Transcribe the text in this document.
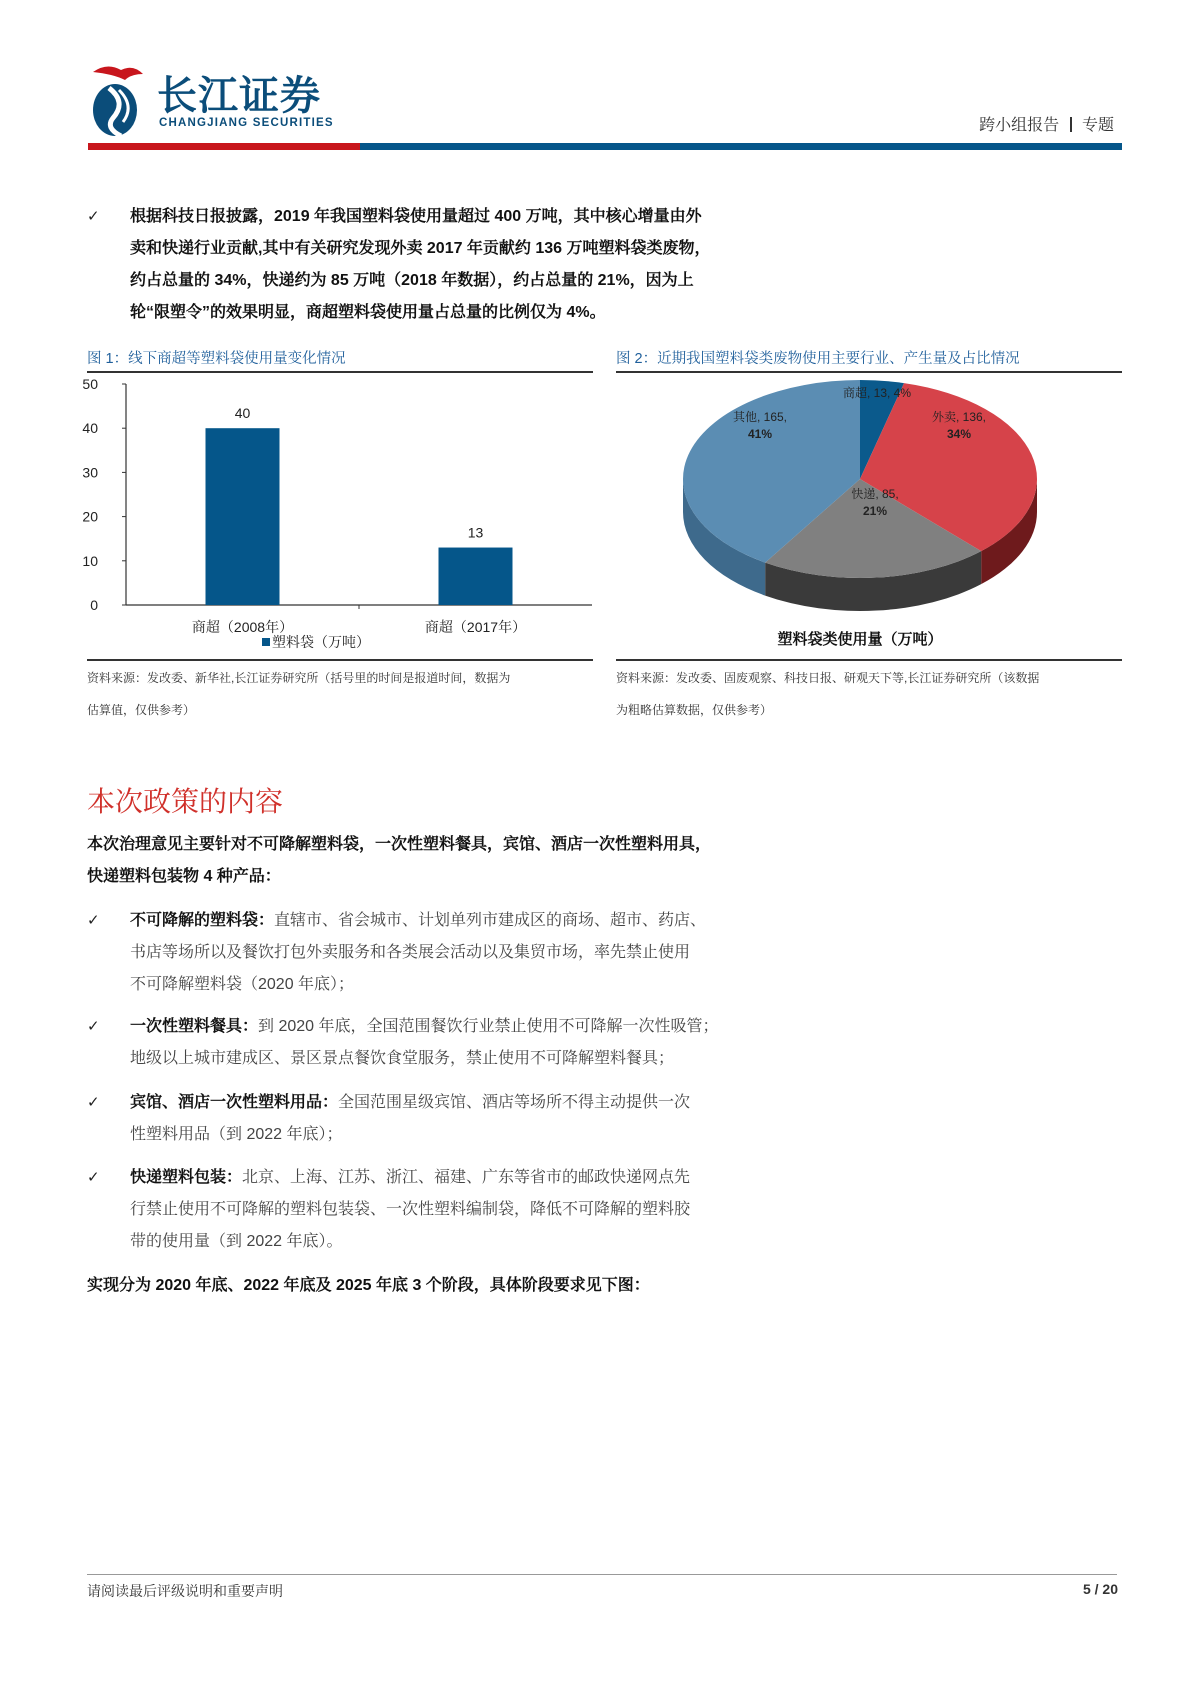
长江证券
CHANGJIANG SECURITIES	跨小组报告 专题
✓ 根据科技日报披露，2019 年我国塑料袋使用量超过 400 万吨，其中核心增量由外
卖和快递行业贡献,其中有关研究发现外卖 2017 年贡献约 136 万吨塑料袋类废物，
约占总量的 34%，快递约为 85 万吨（2018 年数据），约占总量的 21%，因为上
轮“限塑令”的效果明显，商超塑料袋使用量占总量的比例仅为 4%。
图 1：线下商超等塑料袋使用量变化情况
0
10
20
30
40
50
40
商超（2008年）
13
商超（2017年）
塑料袋（万吨）
资料来源：发改委、新华社,长江证券研究所（括号里的时间是报道时间，数据为
估算值，仅供参考）
图 2：近期我国塑料袋类废物使用主要行业、产生量及占比情况
商超, 13, 4%
外卖, 136,
34%
快递, 85,
21%
其他, 165,
41%
塑料袋类使用量（万吨）
资料来源：发改委、固废观察、科技日报、研观天下等,长江证券研究所（该数据
为粗略估算数据，仅供参考）
本次政策的内容
本次治理意见主要针对不可降解塑料袋，一次性塑料餐具，宾馆、酒店一次性塑料用具，
快递塑料包装物 4 种产品：
✓ 不可降解的塑料袋：直辖市、省会城市、计划单列市建成区的商场、超市、药店、
书店等场所以及餐饮打包外卖服务和各类展会活动以及集贸市场，率先禁止使用
不可降解塑料袋（2020 年底）；
✓ 一次性塑料餐具：到 2020 年底，全国范围餐饮行业禁止使用不可降解一次性吸管；
地级以上城市建成区、景区景点餐饮食堂服务，禁止使用不可降解塑料餐具；
✓ 宾馆、酒店一次性塑料用品：全国范围星级宾馆、酒店等场所不得主动提供一次
性塑料用品（到 2022 年底）；
✓ 快递塑料包装：北京、上海、江苏、浙江、福建、广东等省市的邮政快递网点先
行禁止使用不可降解的塑料包装袋、一次性塑料编制袋，降低不可降解的塑料胶
带的使用量（到 2022 年底）。
实现分为 2020 年底、2022 年底及 2025 年底 3 个阶段，具体阶段要求见下图：
请阅读最后评级说明和重要声明	5 / 20
